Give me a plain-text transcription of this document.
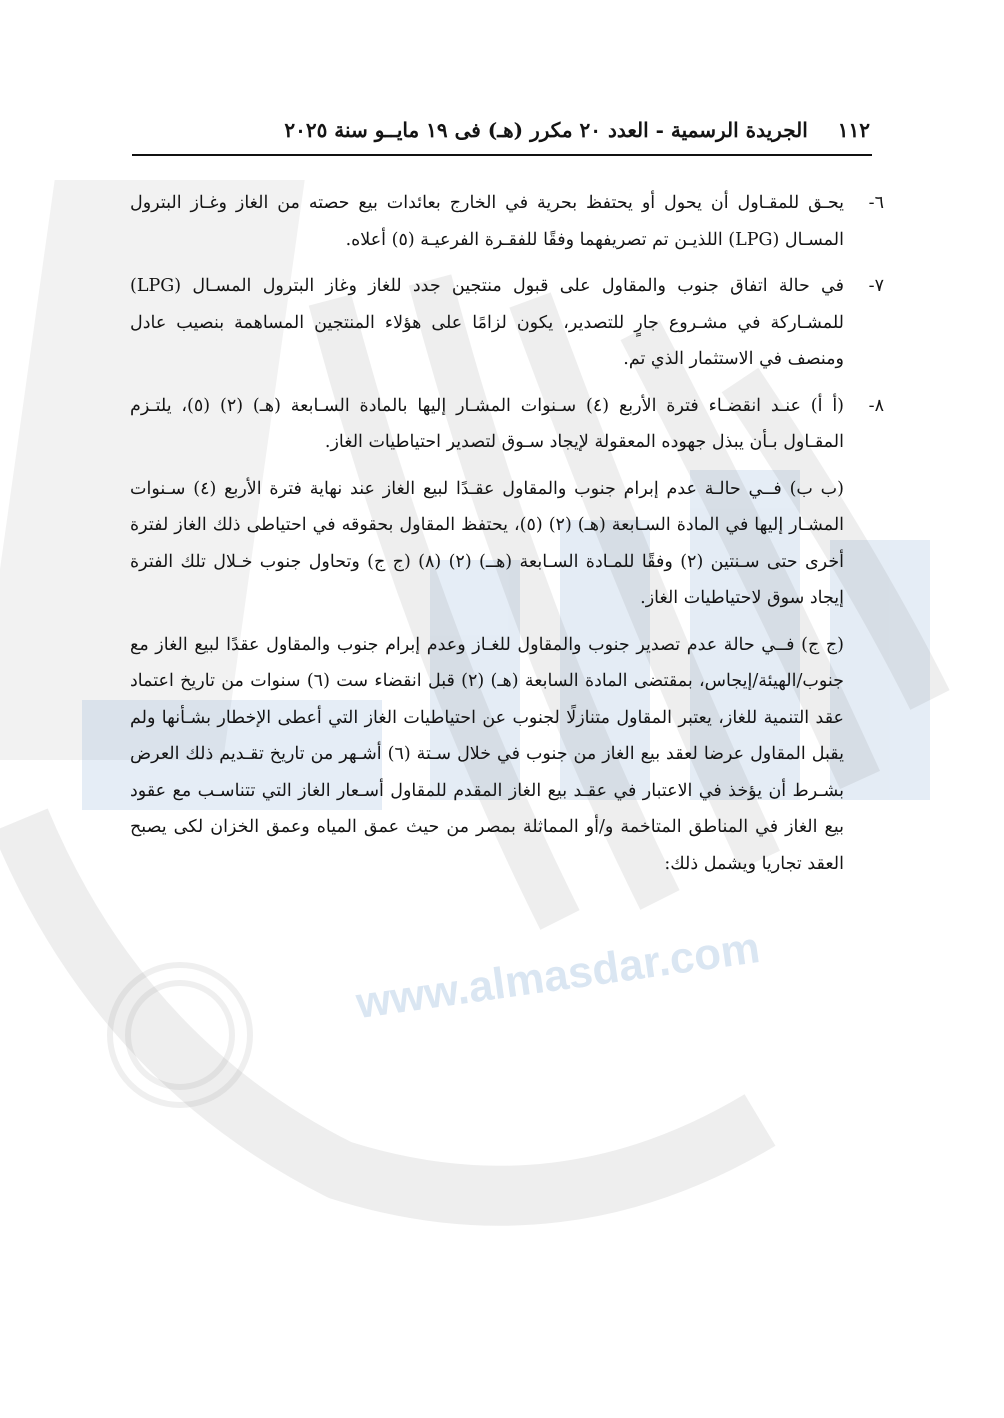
www.almasdar.com
١١٢
الجريدة الرسمية - العدد ٢٠ مكرر (هـ) فى ١٩ مايــو سنة ٢٠٢٥
٦-

يحـق للمقـاول أن يحول أو يحتفظ بحرية في الخارج بعائدات بيع حصته من الغاز وغـاز البترول المسـال (LPG) اللذيـن تم تصريفهما وفقًا للفقـرة الفرعيـة (٥) أعلاه.

٧-

في حالة اتفاق جنوب والمقاول على قبول منتجين جدد للغاز وغاز البترول المسـال (LPG) للمشـاركة في مشـروع جارٍ للتصدير، يكون لزامًا على هؤلاء المنتجين المساهمة بنصيب عادل ومنصف في الاستثمار الذي تم.

٨-

(أ أ) عنـد انقضـاء فترة الأربع (٤) سـنوات المشـار إليها بالمادة السـابعة (هـ) (٢) (٥)، يلتـزم المقـاول بـأن يبذل جهوده المعقولة لإيجاد سـوق لتصدير احتياطيات الغاز.

(ب ب) فــي حالـة عدم إبرام جنوب والمقاول عقـدًا لبيع الغاز عند نهاية فترة الأربع (٤) سـنوات المشـار إليها في المادة السـابعة (هـ) (٢) (٥)، يحتفظ المقاول بحقوقه في احتياطى ذلك الغاز لفترة أخرى حتى سـنتين (٢) وفقًا للمـادة السـابعة (هــ) (٢) (٨) (ج ج) وتحاول جنوب خـلال تلك الفترة إيجاد سوق لاحتياطيات الغاز.

(ج ج) فــي حالة عدم تصدير جنوب والمقاول للغـاز وعدم إبرام جنوب والمقاول عقدًا لبيع الغاز مع جنوب/الهيئة/إيجاس، بمقتضى المادة السابعة (هـ) (٢) قبل انقضاء ست (٦) سنوات من تاريخ اعتماد عقد التنمية للغاز، يعتبر المقاول متنازلًا لجنوب عن احتياطيات الغاز التي أعطى الإخطار بشـأنها ولم يقبل المقاول عرضا لعقد بيع الغاز من جنوب في خلال سـتة (٦) أشـهر من تاريخ تقـديم ذلك العرض بشـرط أن يؤخذ في الاعتبار في عقـد بيع الغاز المقدم للمقاول أسـعار الغاز التي تتناسـب مع عقود بيع الغاز في المناطق المتاخمة و/أو المماثلة بمصر من حيث عمق المياه وعمق الخزان لكى يصبح العقد تجاريا ويشمل ذلك:
